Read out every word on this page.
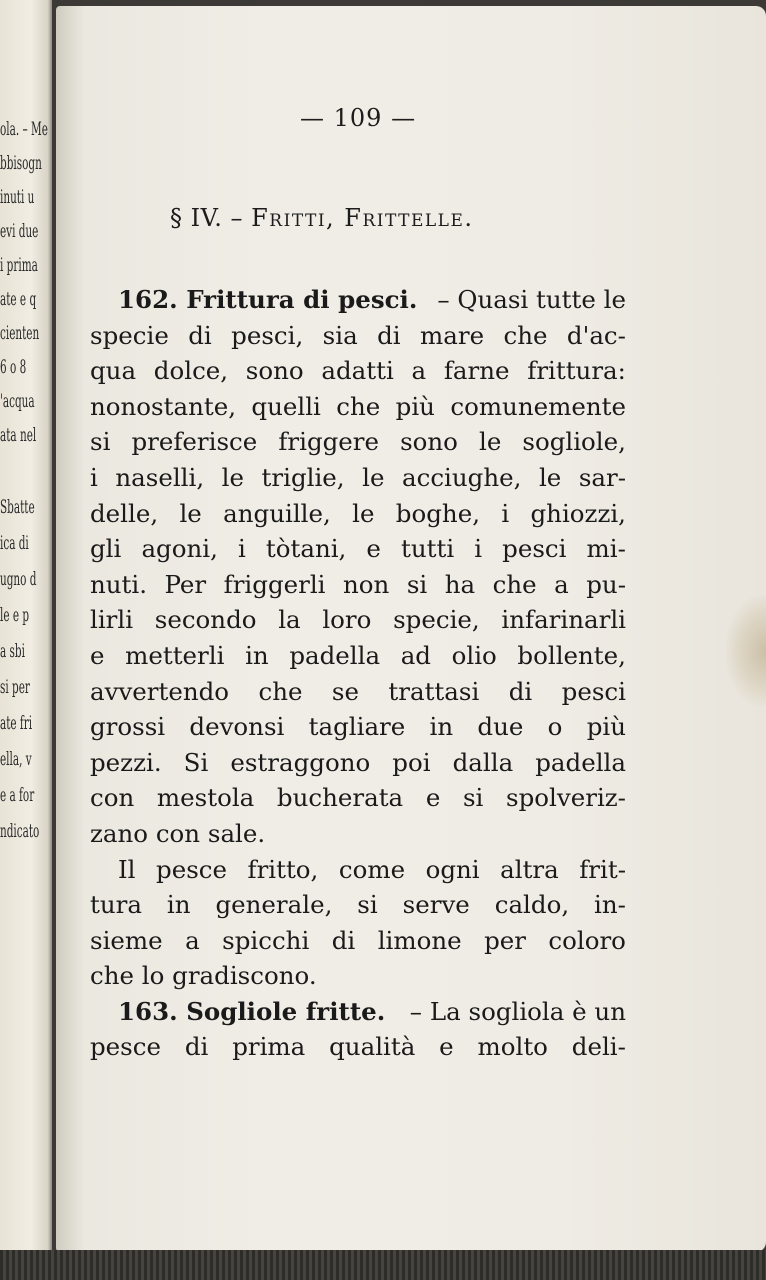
ola. – Me
bbisogn
inuti u
evi due
i prima
ate e q
cienten
6 o 8
'acqua
ata nel
Sbatte
ica di
ugno d
le e p
a sbi
si per
ate fri
ella, v
e a for
ndicato
— 109 —
§ IV. – Fritti, Frittelle.
162. Frittura di pesci. – Quasi tutte le
specie di pesci, sia di mare che d'ac-
qua dolce, sono adatti a farne frittura:
nonostante, quelli che più comunemente
si preferisce friggere sono le sogliole,
i naselli, le triglie, le acciughe, le sar-
delle, le anguille, le boghe, i ghiozzi,
gli agoni, i tòtani, e tutti i pesci mi-
nuti. Per friggerli non si ha che a pu-
lirli secondo la loro specie, infarinarli
e metterli in padella ad olio bollente,
avvertendo che se trattasi di pesci
grossi devonsi tagliare in due o più
pezzi. Si estraggono poi dalla padella
con mestola bucherata e si spolveriz-
zano con sale.
Il pesce fritto, come ogni altra frit-
tura in generale, si serve caldo, in-
sieme a spicchi di limone per coloro
che lo gradiscono.
163. Sogliole fritte. – La sogliola è un
pesce di prima qualità e molto deli-
